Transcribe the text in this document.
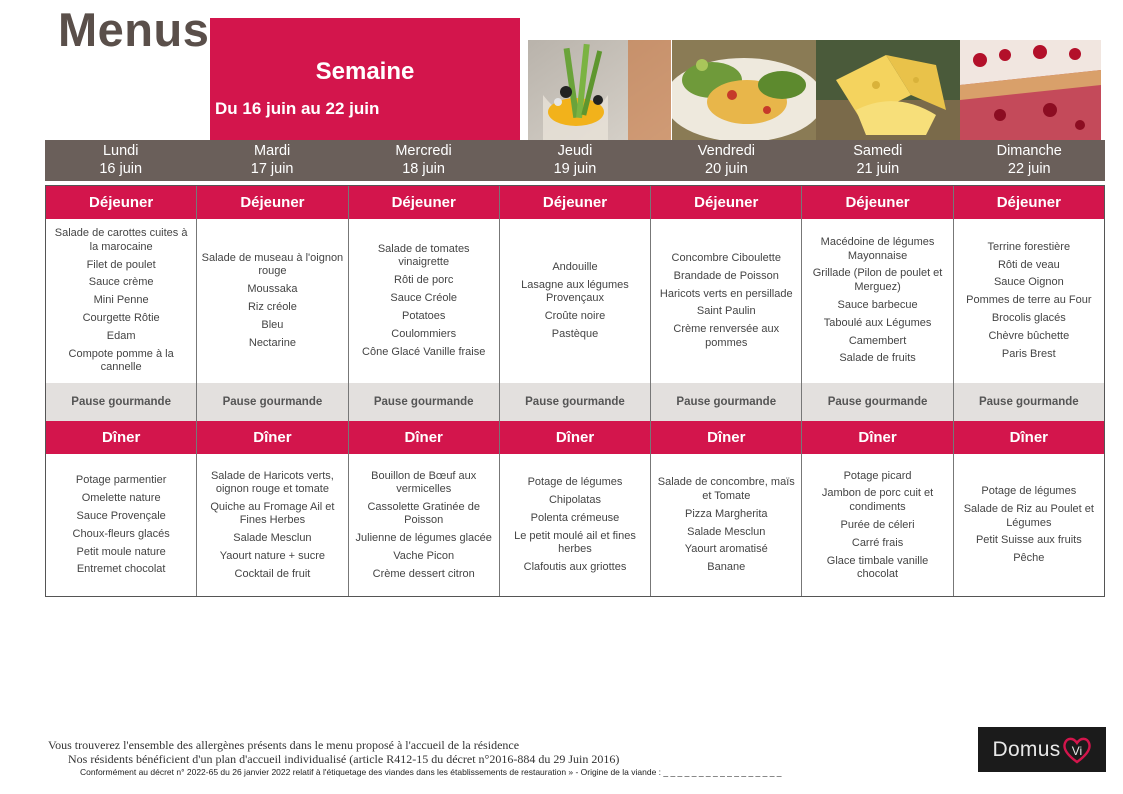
Menus
Semaine
Du 16 juin au 22 juin
Lundi
16 juin
Mardi
17 juin
Mercredi
18 juin
Jeudi
19 juin
Vendredi
20 juin
Samedi
21 juin
Dimanche
22 juin
Déjeuner
Salade de carottes cuites à la marocaine
Filet de poulet
Sauce crème
Mini Penne
Courgette Rôtie
Edam
Compote pomme à la cannelle
Pause gourmande
Dîner
Potage parmentier
Omelette nature
Sauce Provençale
Choux-fleurs glacés
Petit moule nature
Entremet chocolat
Déjeuner
Salade de museau à l'oignon rouge
Moussaka
Riz créole
Bleu
Nectarine
Pause gourmande
Dîner
Salade de Haricots verts, oignon rouge et tomate
Quiche au Fromage Ail et Fines Herbes
Salade Mesclun
Yaourt nature + sucre
Cocktail de fruit
Déjeuner
Salade de tomates vinaigrette
Rôti de porc
Sauce Créole
Potatoes
Coulommiers
Cône Glacé Vanille fraise
Pause gourmande
Dîner
Bouillon de Bœuf aux vermicelles
Cassolette Gratinée de Poisson
Julienne de légumes glacée
Vache Picon
Crème dessert citron
Déjeuner
Andouille
Lasagne aux légumes Provençaux
Croûte noire
Pastèque
Pause gourmande
Dîner
Potage de légumes
Chipolatas
Polenta crémeuse
Le petit moulé ail et fines herbes
Clafoutis aux griottes
Déjeuner
Concombre Ciboulette
Brandade de Poisson
Haricots verts en persillade
Saint Paulin
Crème renversée aux pommes
Pause gourmande
Dîner
Salade de concombre, maïs et Tomate
Pizza Margherita
Salade Mesclun
Yaourt aromatisé
Banane
Déjeuner
Macédoine de légumes Mayonnaise
Grillade (Pilon de poulet et Merguez)
Sauce barbecue
Taboulé aux Légumes
Camembert
Salade de fruits
Pause gourmande
Dîner
Potage picard
Jambon de porc cuit et condiments
Purée de céleri
Carré frais
Glace timbale vanille chocolat
Déjeuner
Terrine forestière
Rôti de veau
Sauce Oignon
Pommes de terre au Four
Brocolis glacés
Chèvre bûchette
Paris Brest
Pause gourmande
Dîner
Potage de légumes
Salade de Riz au Poulet et Légumes
Petit Suisse aux fruits
Pêche
Vous trouverez l'ensemble des allergènes présents dans le menu proposé à l'accueil de la résidence
Nos résidents bénéficient d'un plan d'accueil individualisé (article R412-15 du décret n°2016-884 du 29 Juin 2016)
Conformément au décret n° 2022-65 du 26 janvier 2022 relatif à l'étiquetage des viandes dans les établissements de restauration » - Origine de la viande : _ _ _ _ _ _ _ _ _ _ _ _ _ _ _ _ _
Domus Vi
